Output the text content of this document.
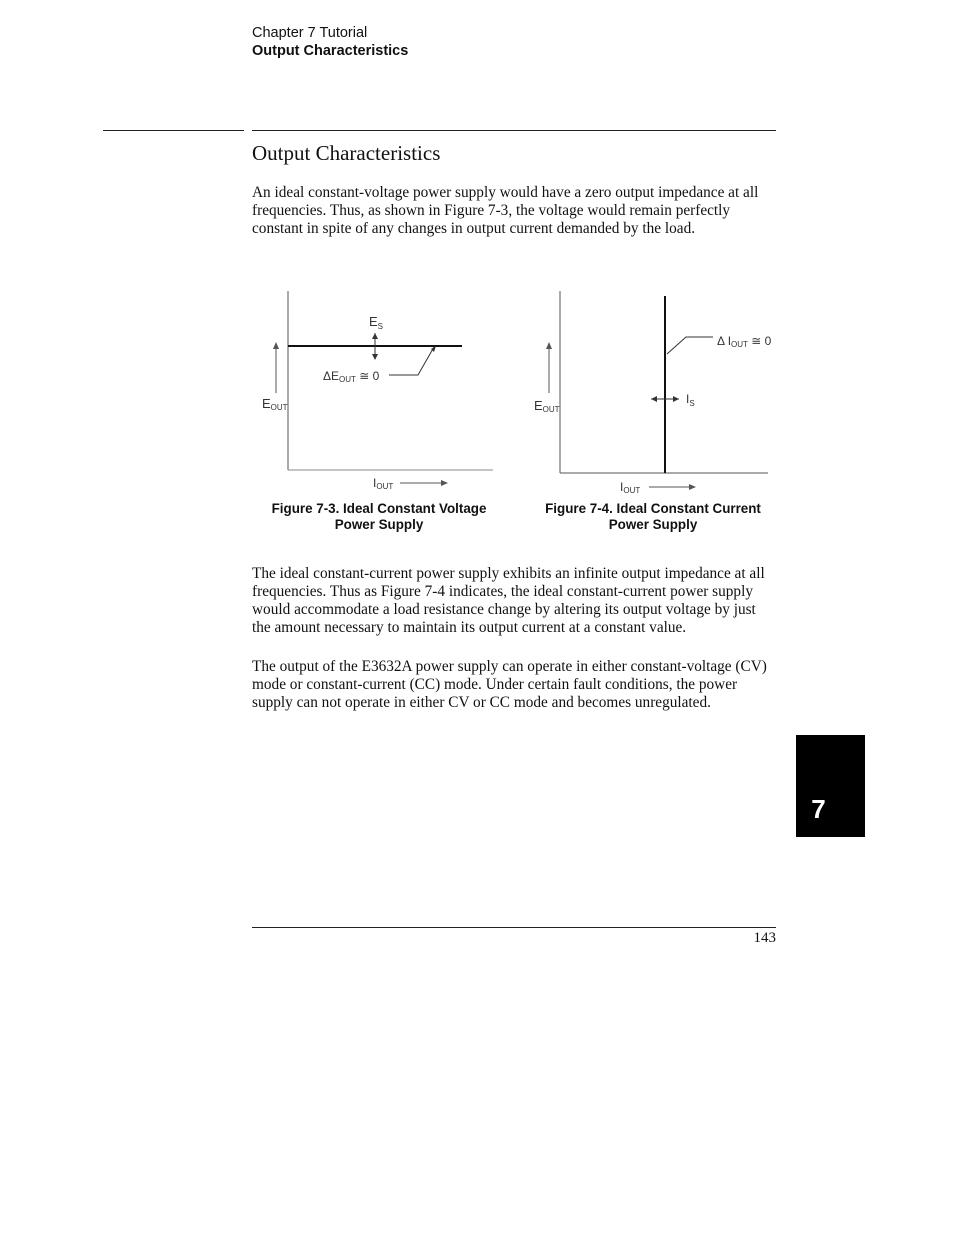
Chapter 7 Tutorial
Output Characteristics
Output Characteristics

An ideal constant-voltage power supply would have a zero output impedance at all frequencies. Thus, as shown in Figure 7-3, the voltage would remain perfectly constant in spite of any changes in output current demanded by the load.

$E_S$
ΔEOUT ≅ 0
EOUT
IOUT
Δ IOUT ≅ 0
$I_S$
EOUT
IOUT
Figure 7-3. Ideal Constant Voltage
Power Supply
Figure 7-4. Ideal Constant Current
Power Supply

The ideal constant-current power supply exhibits an infinite output impedance at all frequencies. Thus as Figure 7-4 indicates, the ideal constant-current power supply would accommodate a load resistance change by altering its output voltage by just the amount necessary to maintain its output current at a constant value.

The output of the E3632A power supply can operate in either constant-voltage (CV) mode or constant-current (CC) mode. Under certain fault conditions, the power supply can not operate in either CV or CC mode and becomes unregulated.

7
143
